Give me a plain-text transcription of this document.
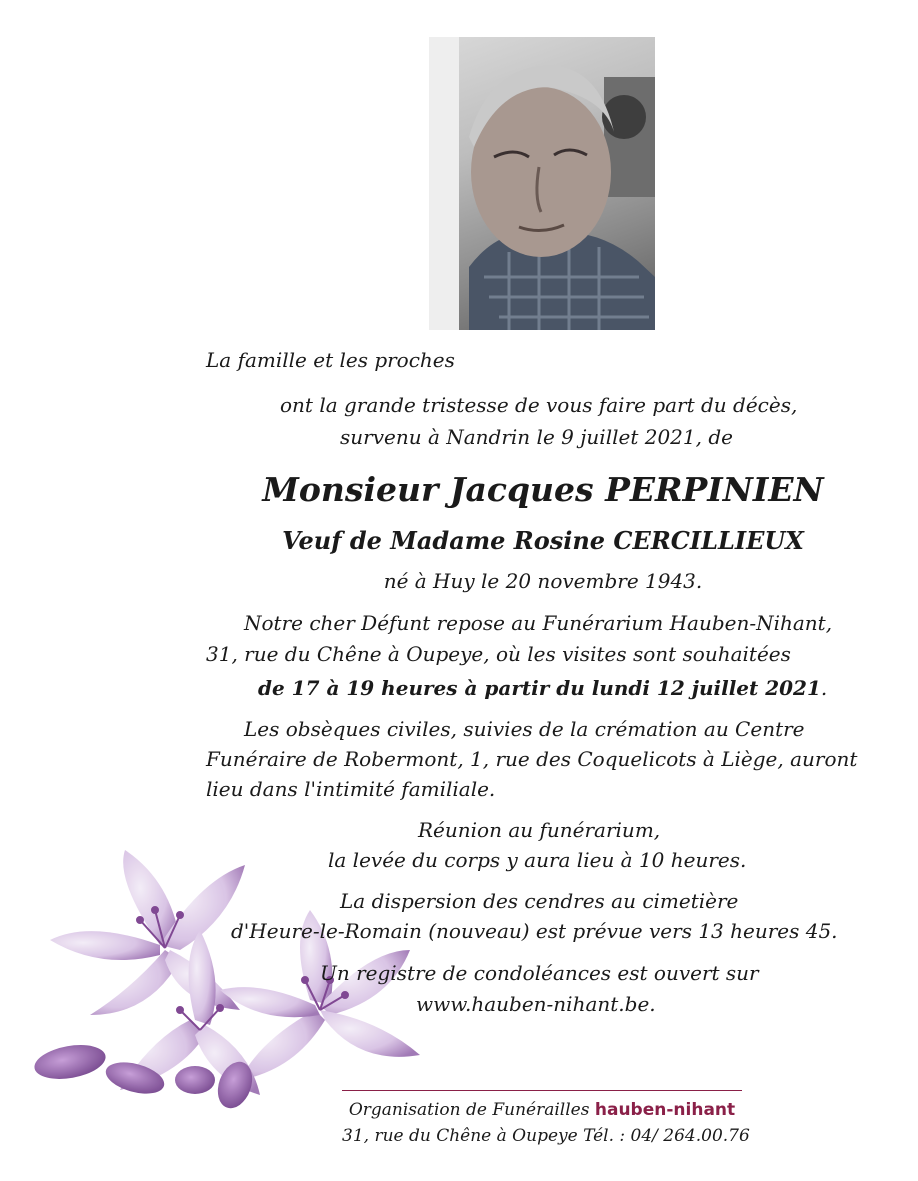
La famille et les proches

ont la grande tristesse de vous faire part du décès,

survenu à Nandrin le 9 juillet 2021, de

Monsieur Jacques PERPINIEN

Veuf de Madame Rosine CERCILLIEUX

né à Huy le 20 novembre 1943.

Notre cher Défunt repose au Funérarium Hauben-Nihant,

31, rue du Chêne à Oupeye, où les visites sont souhaitées

de 17 à 19 heures à partir du lundi 12 juillet 2021.

Les obsèques civiles, suivies de la crémation au Centre

Funéraire de Robermont, 1, rue des Coquelicots à Liège, auront

lieu dans l'intimité familiale.

Réunion au funérarium,

la levée du corps y aura lieu à 10 heures.

La dispersion des cendres au cimetière

d'Heure-le-Romain (nouveau) est prévue vers 13 heures 45.

Un registre de condoléances est ouvert sur

www.hauben-nihant.be.

Organisation de Funérailles hauben-nihant
31, rue du Chêne à Oupeye Tél. : 04/ 264.00.76
